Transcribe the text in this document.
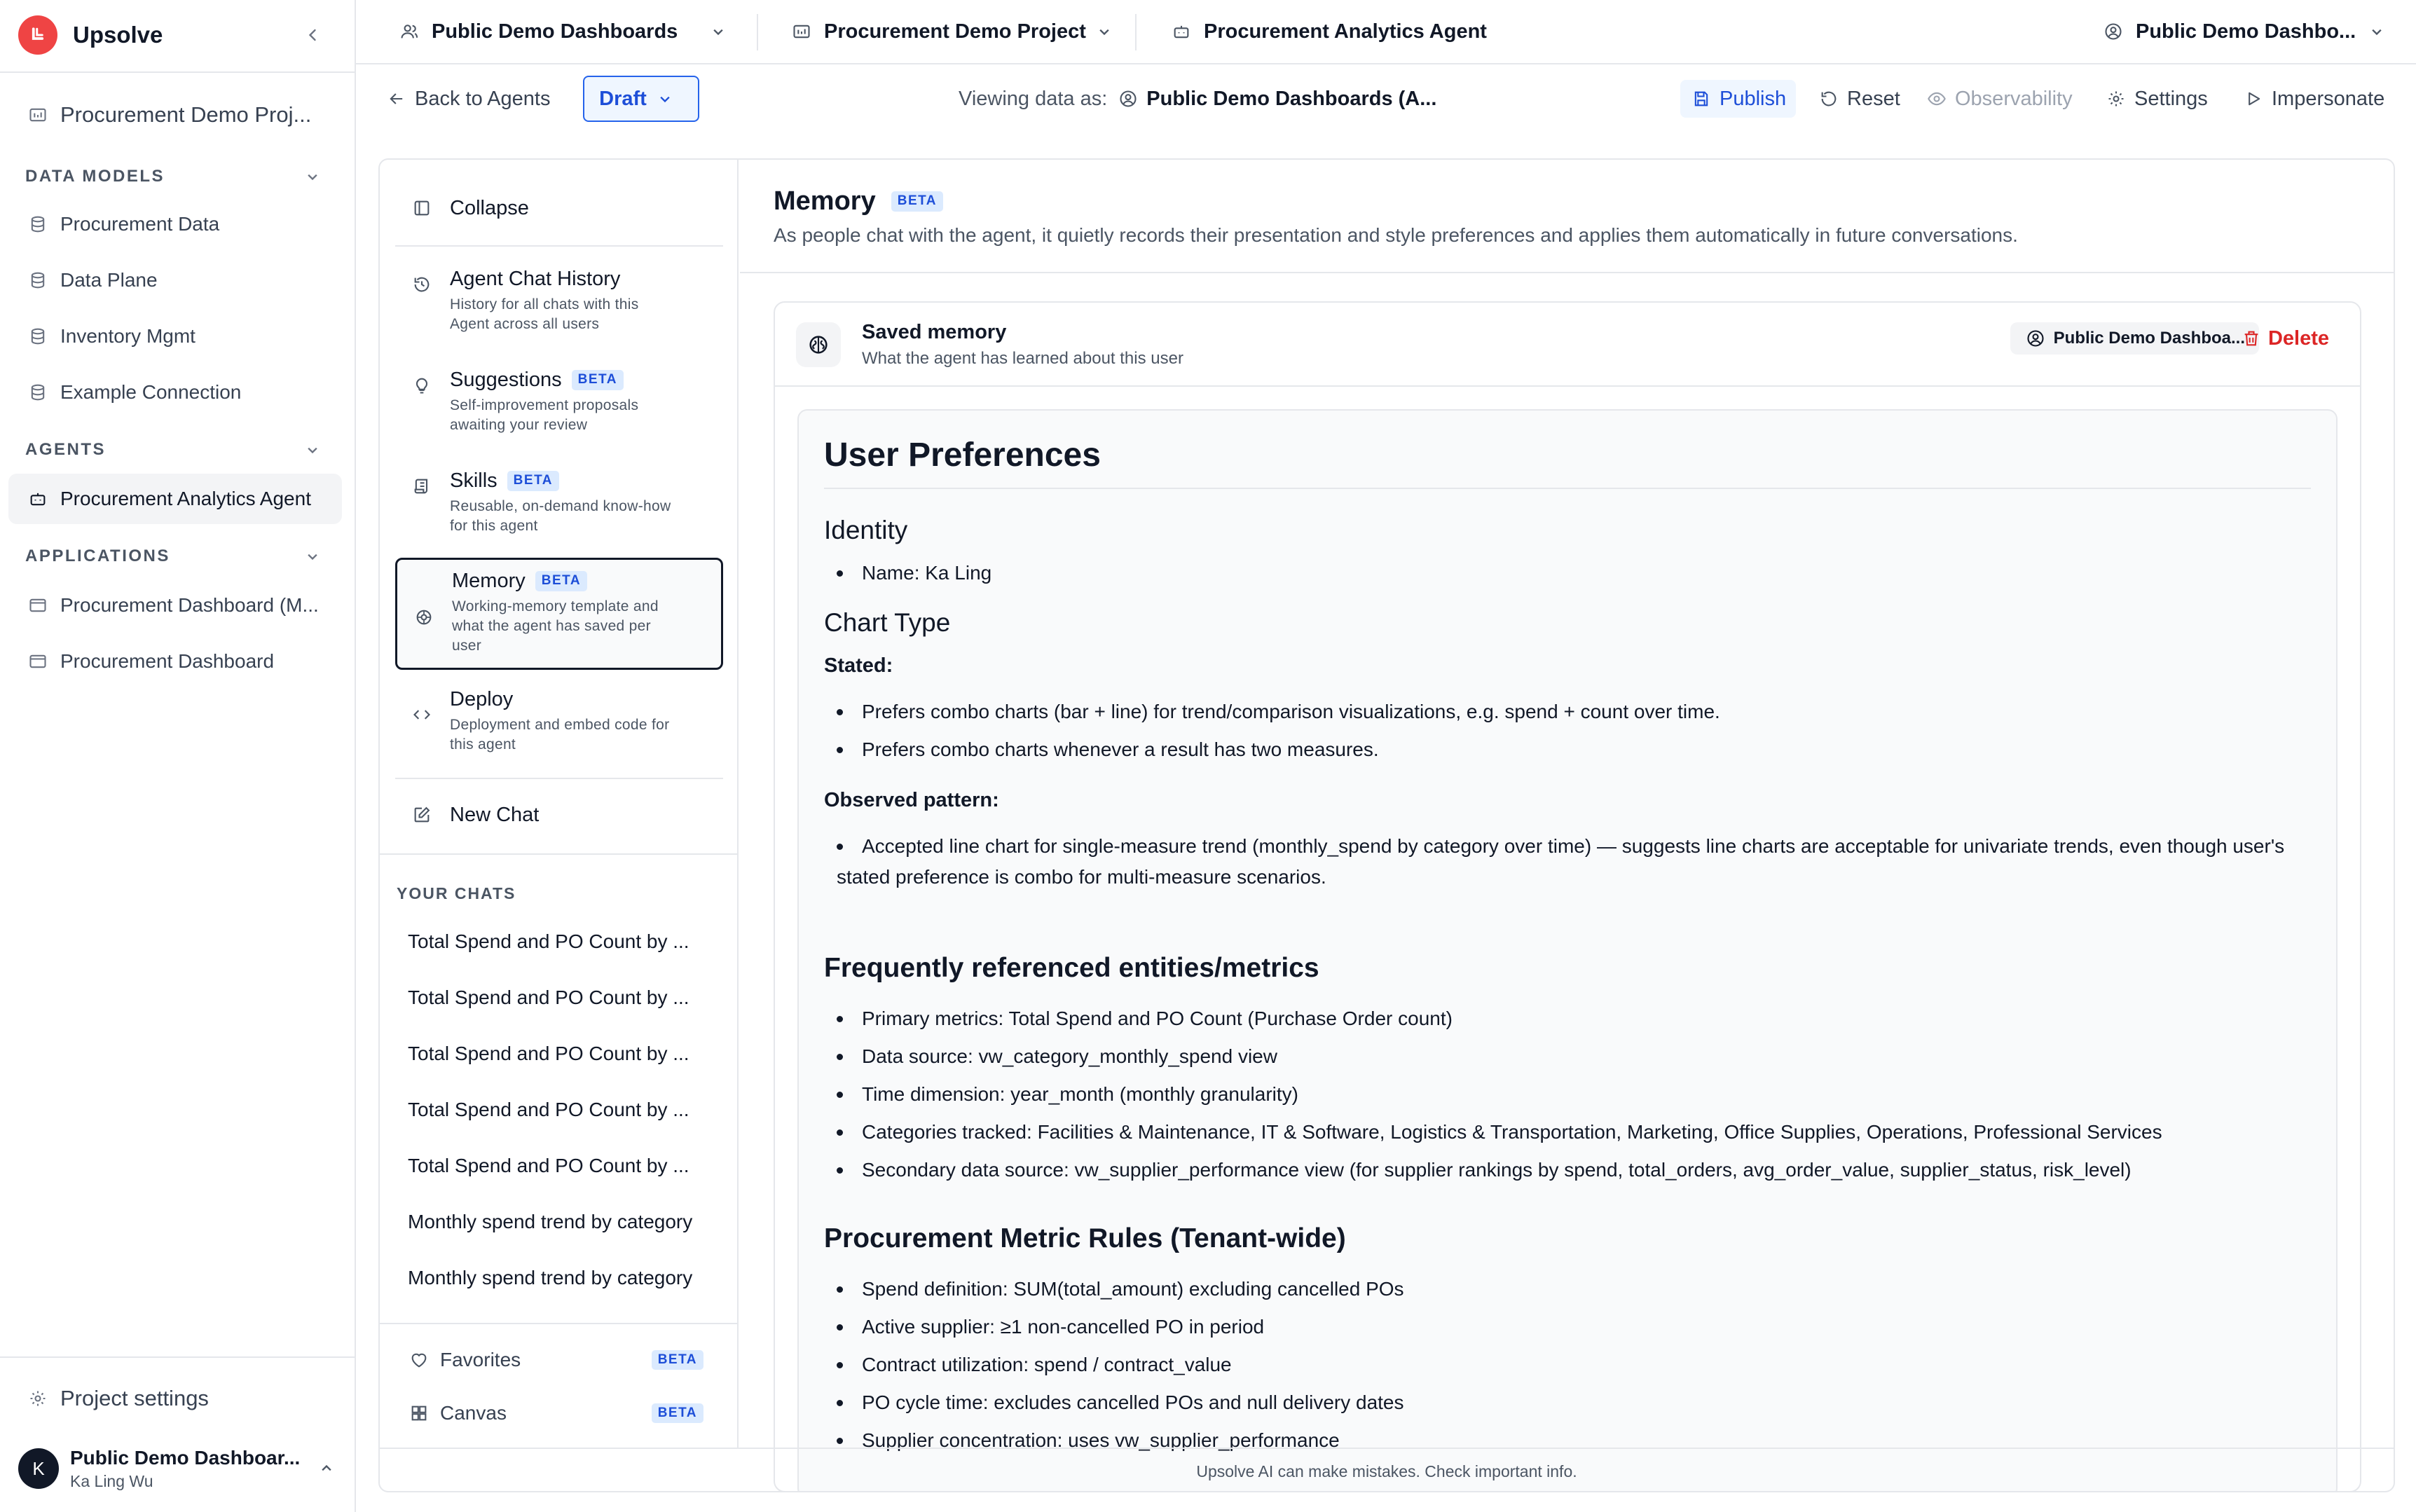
Upsolve
Procurement Demo Proj...
DATA MODELS
Procurement Data
Data Plane
Inventory Mgmt
Example Connection
AGENTS
Procurement Analytics Agent
APPLICATIONS
Procurement Dashboard (M...
Procurement Dashboard
Project settings
K	Public Demo Dashboar...
Ka Ling Wu
Public Demo Dashboards	Procurement Demo Project	Procurement Analytics Agent	Public Demo Dashbo...
Back to Agents Draft	Viewing data as: Public Demo Dashboards (A...	Publish	Reset	Observability	Settings	Impersonate
Collapse
Agent Chat History
History for all chats with this
Agent across all users
Suggestions	BETA
Self-improvement proposals
awaiting your review
Skills	BETA
Reusable, on-demand know-how
for this agent
Memory	BETA
Working-memory template and
what the agent has saved per
user
Deploy
Deployment and embed code for
this agent
New Chat
YOUR CHATS
Total Spend and PO Count by ...
Total Spend and PO Count by ...
Total Spend and PO Count by ...
Total Spend and PO Count by ...
Total Spend and PO Count by ...
Monthly spend trend by category
Monthly spend trend by category
Favorites	BETA
Canvas	BETA
Memory	BETA
As people chat with the agent, it quietly records their presentation and style preferences and applies them automatically in future conversations.
Saved memory
What the agent has learned about this user
Public Demo Dashboa... Delete
User Preferences
Identity
Name: Ka Ling
Chart Type
Stated:
Prefers combo charts (bar + line) for trend/comparison visualizations, e.g. spend + count over time.
Prefers combo charts whenever a result has two measures.
Observed pattern:
Accepted line chart for single-measure trend (monthly_spend by category over time) — suggests line charts are acceptable for univariate trends, even though user's stated preference is combo for multi-measure scenarios.
Frequently referenced entities/metrics
Primary metrics: Total Spend and PO Count (Purchase Order count)
Data source: vw_category_monthly_spend view
Time dimension: year_month (monthly granularity)
Categories tracked: Facilities & Maintenance, IT & Software, Logistics & Transportation, Marketing, Office Supplies, Operations, Professional Services
Secondary data source: vw_supplier_performance view (for supplier rankings by spend, total_orders, avg_order_value, supplier_status, risk_level)
Procurement Metric Rules (Tenant-wide)
Spend definition: SUM(total_amount) excluding cancelled POs
Active supplier: ≥1 non-cancelled PO in period
Contract utilization: spend / contract_value
PO cycle time: excludes cancelled POs and null delivery dates
Supplier concentration: uses vw_supplier_performance
Upsolve AI can make mistakes. Check important info.
